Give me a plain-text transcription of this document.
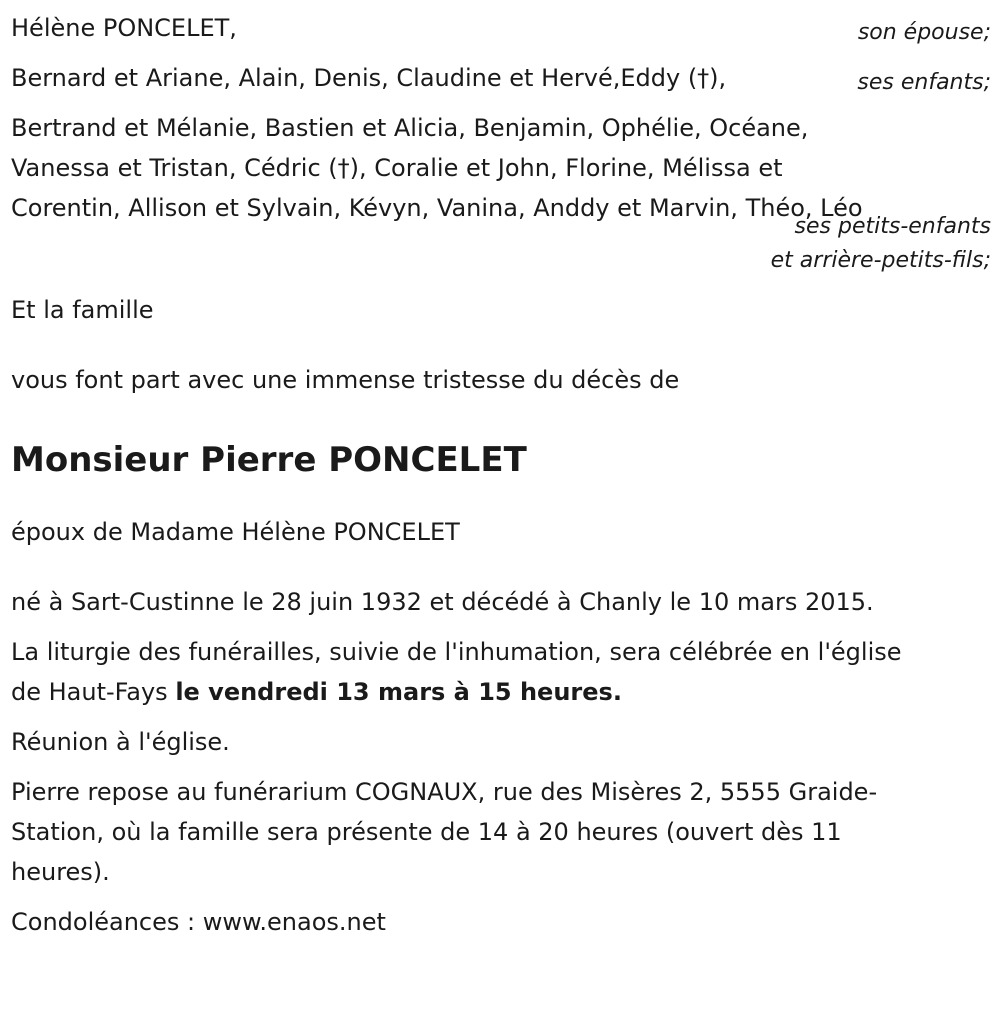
Hélène PONCELET,	son épouse;
Bernard et Ariane, Alain, Denis, Claudine et Hervé,Eddy (†),	ses enfants;
Bertrand et Mélanie, Bastien et Alicia, Benjamin, Ophélie, Océane,
Vanessa et Tristan, Cédric (†), Coralie et John, Florine, Mélissa et
Corentin, Allison et Sylvain, Kévyn, Vanina, Anddy et Marvin, Théo, Léo
ses petits-enfants
et arrière-petits-fils;
Et la famille
vous font part avec une immense tristesse du décès de
Monsieur Pierre PONCELET
époux de Madame Hélène PONCELET
né à Sart-Custinne le 28 juin 1932 et décédé à Chanly le 10 mars 2015.
La liturgie des funérailles, suivie de l'inhumation, sera célébrée en l'église
de Haut-Fays le vendredi 13 mars à 15 heures.
Réunion à l'église.
Pierre repose au funérarium COGNAUX, rue des Misères 2, 5555 Graide-
Station, où la famille sera présente de 14 à 20 heures (ouvert dès 11
heures).
Condoléances : www.enaos.net
